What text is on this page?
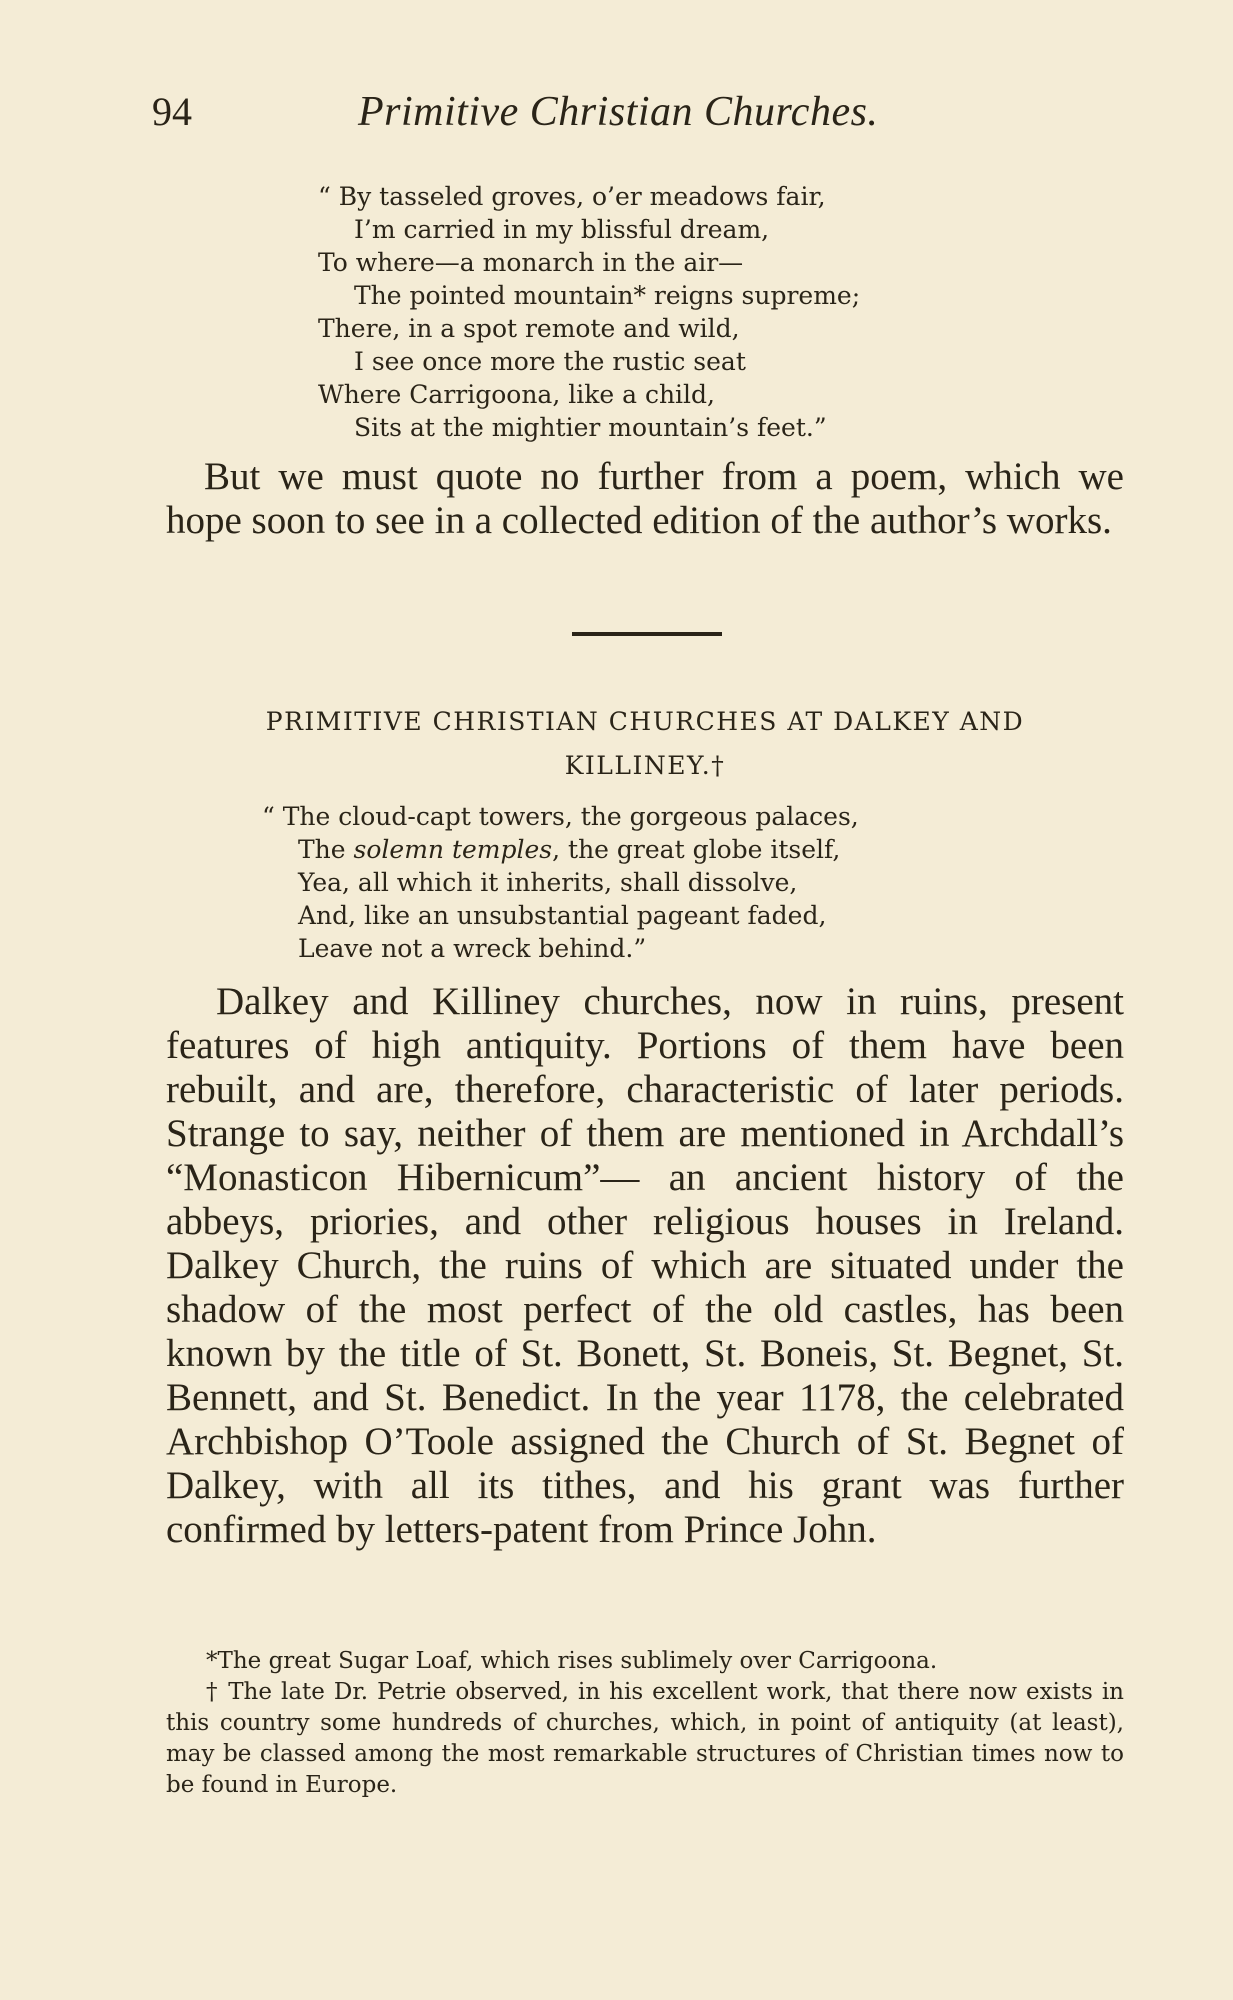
94	Primitive Christian Churches.
“ By tasseled groves, o’er meadows fair,
I’m carried in my blissful dream,
To where—a monarch in the air—
The pointed mountain* reigns supreme;
There, in a spot remote and wild,
I see once more the rustic seat
Where Carrigoona, like a child,
Sits at the mightier mountain’s feet.”
But we must quote no further from a poem, which we hope soon to see in a collected edition of the author’s works.
PRIMITIVE CHRISTIAN CHURCHES AT DALKEY AND
KILLINEY.†
“ The cloud-capt towers, the gorgeous palaces,
The solemn temples, the great globe itself,
Yea, all which it inherits, shall dissolve,
And, like an unsubstantial pageant faded,
Leave not a wreck behind.”
Dalkey and Killiney churches, now in ruins, present features of high antiquity. Portions of them have been rebuilt, and are, therefore, characteristic of later periods. Strange to say, neither of them are mentioned in Archdall’s “Monasticon Hibernicum”— an ancient history of the abbeys, priories, and other religious houses in Ireland. Dalkey Church, the ruins of which are situated under the shadow of the most perfect of the old castles, has been known by the title of St. Bonett, St. Boneis, St. Begnet, St. Bennett, and St. Benedict. In the year 1178, the celebrated Archbishop O’Toole assigned the Church of St. Begnet of Dalkey, with all its tithes, and his grant was further confirmed by letters-patent from Prince John.

*The great Sugar Loaf, which rises sublimely over Carrigoona.

† The late Dr. Petrie observed, in his excellent work, that there now exists in this country some hundreds of churches, which, in point of antiquity (at least), may be classed among the most remarkable structures of Christian times now to be found in Europe.
